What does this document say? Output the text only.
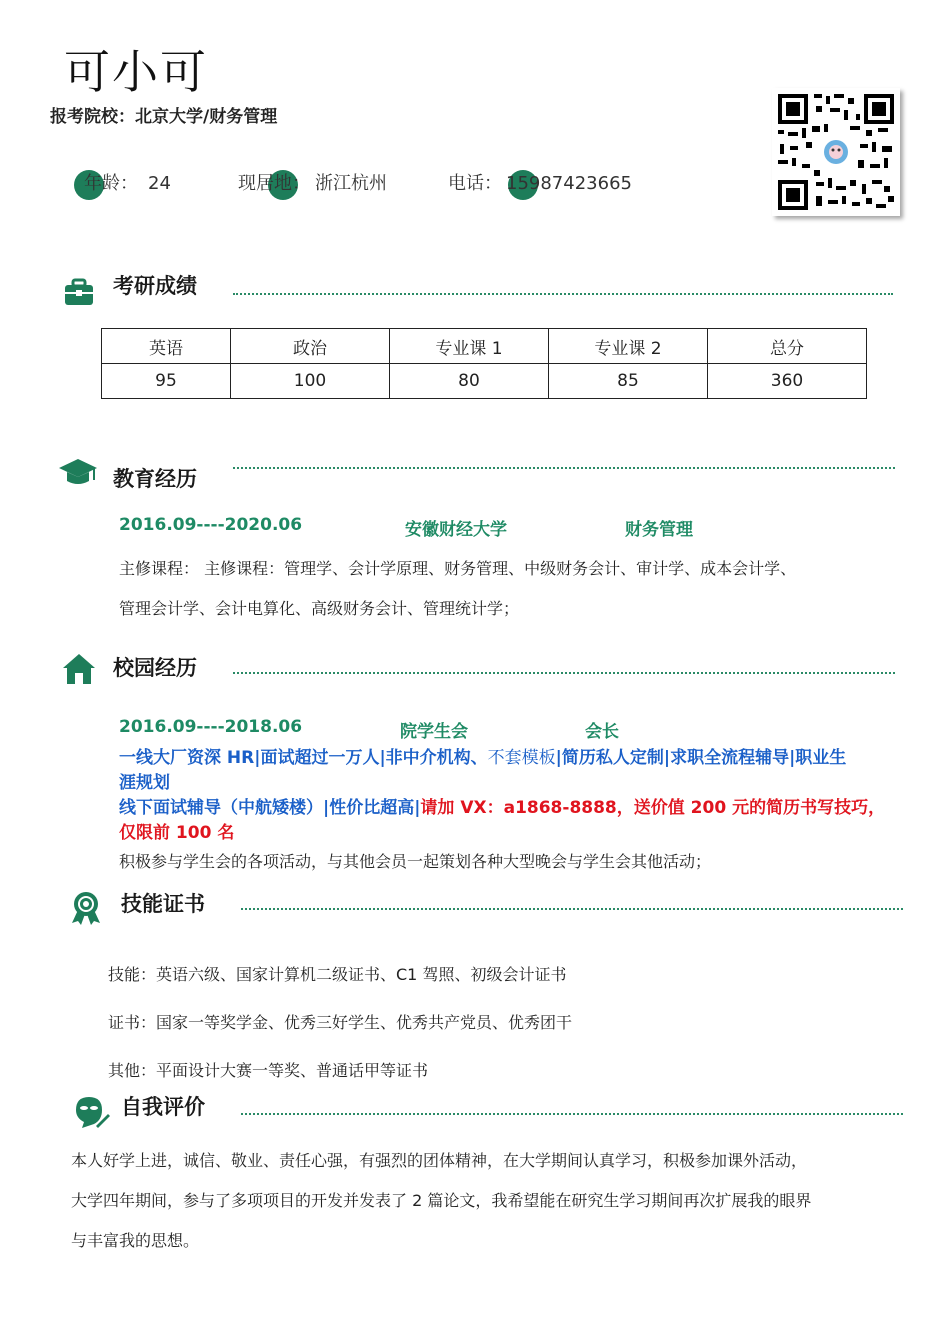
可小可
报考院校：北京大学/财务管理
年龄： 24	现居地： 浙江杭州	电话： 15987423665
考研成绩
英语	政治	专业课 1	专业课 2	总分
95	100	80	85	360
教育经历
2016.09----2020.06	安徽财经大学	财务管理
主修课程： 主修课程：管理学、会计学原理、财务管理、中级财务会计、审计学、成本会计学、
管理会计学、会计电算化、高级财务会计、管理统计学；
校园经历
2016.09----2018.06	院学生会	会长
一线大厂资深 HR|面试超过一万人|非中介机构、不套模板|简历私人定制|求职全流程辅导|职业生
涯规划
线下面试辅导（中航矮楼）|性价比超高|请加 VX：a1868-8888，送价值 200 元的简历书写技巧，
仅限前 100 名
积极参与学生会的各项活动，与其他会员一起策划各种大型晚会与学生会其他活动；
技能证书
技能：英语六级、国家计算机二级证书、C1 驾照、初级会计证书
证书：国家一等奖学金、优秀三好学生、优秀共产党员、优秀团干
其他：平面设计大赛一等奖、普通话甲等证书
自我评价
本人好学上进，诚信、敬业、责任心强，有强烈的团体精神，在大学期间认真学习，积极参加课外活动，
大学四年期间，参与了多项项目的开发并发表了 2 篇论文，我希望能在研究生学习期间再次扩展我的眼界
与丰富我的思想。
